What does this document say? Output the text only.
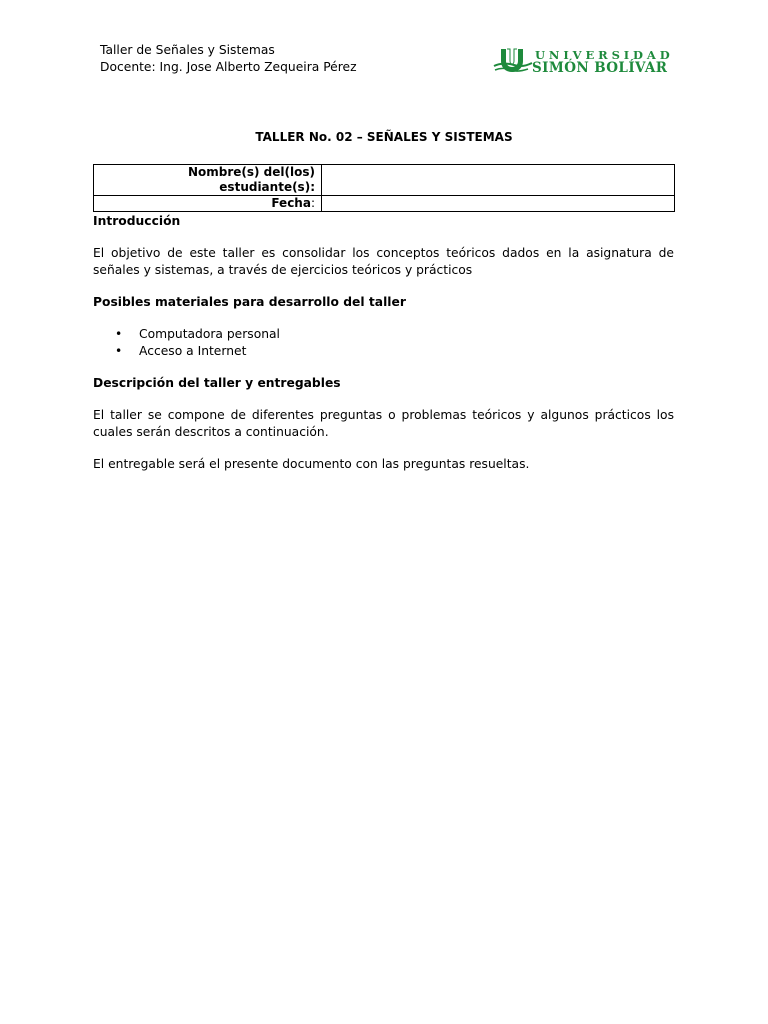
Taller de Señales y Sistemas
Docente: Ing. Jose Alberto Zequeira Pérez
UNIVERSIDAD
SIMÓN BOLÍVAR
TALLER No. 02 – SEÑALES Y SISTEMAS
Nombre(s) del(los) estudiante(s):	
Fecha:	

Introducción

El objetivo de este taller es consolidar los conceptos teóricos dados en la asignatura de señales y sistemas, a través de ejercicios teóricos y prácticos

Posibles materiales para desarrollo del taller

• Computadora personal
• Acceso a Internet

Descripción del taller y entregables

El taller se compone de diferentes preguntas o problemas teóricos y algunos prácticos los cuales serán descritos a continuación.

El entregable será el presente documento con las preguntas resueltas.
